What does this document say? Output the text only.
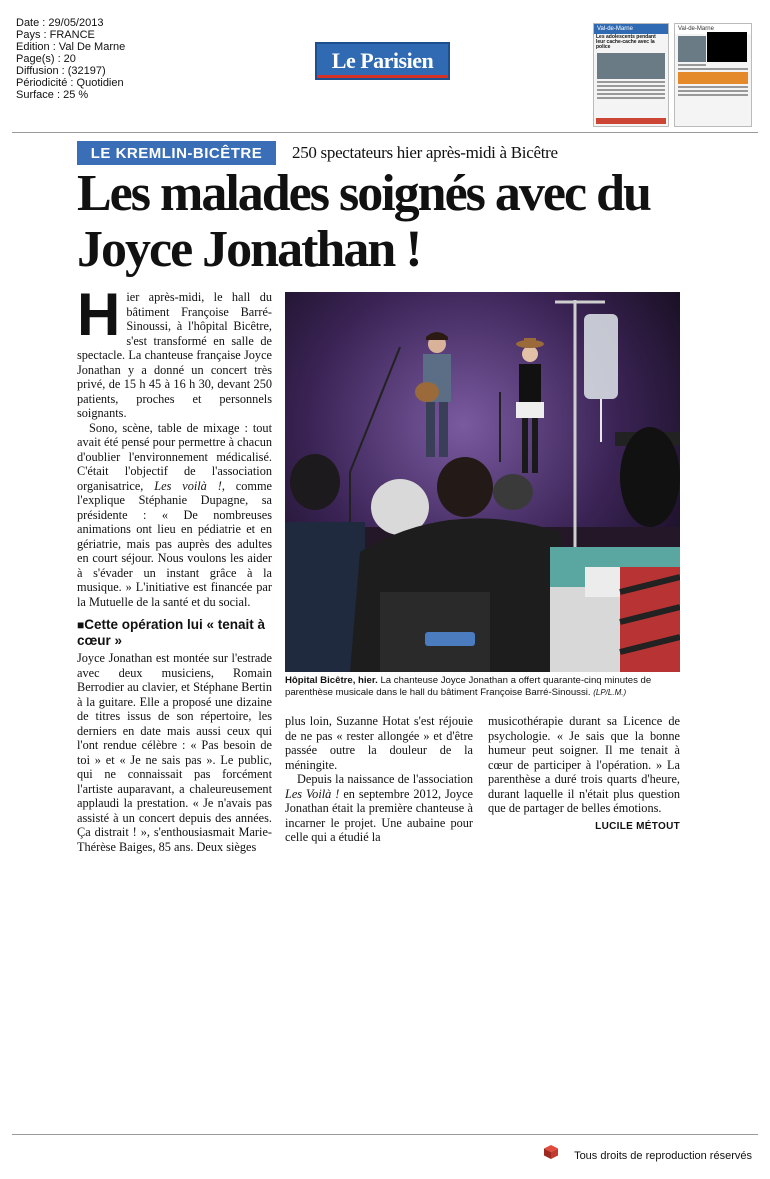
Date : 29/05/2013
Pays : FRANCE
Edition : Val De Marne
Page(s) : 20
Diffusion : (32197)
Périodicité : Quotidien
Surface : 25 %
Le Parisien
Val-de-Marne
Les adolescents pendant leur cache-cache avec la police
Val-de-Marne
LE KREMLIN-BICÊTRE	250 spectateurs hier après-midi à Bicêtre
Les malades soignés avec du Joyce Jonathan !
H ier après-midi, le hall du bâtiment Françoise Barré-Sinoussi, à l'hôpital Bicêtre, s'est transformé en salle de spectacle. La chanteuse française Joyce Jonathan y a donné un concert très privé, de 15 h 45 à 16 h 30, devant 250 patients, proches et personnels soignants.

Sono, scène, table de mixage : tout avait été pensé pour permettre à chacun d'oublier l'environnement médicalisé. C'était l'objectif de l'association organisatrice, Les voilà !, comme l'explique Stéphanie Dupagne, sa présidente : « De nombreuses animations ont lieu en pédiatrie et en gériatrie, mais pas auprès des adultes en court séjour. Nous voulons les aider à s'évader un instant grâce à la musique. » L'initiative est financée par la Mutuelle de la santé et du social.

■Cette opération lui « tenait à cœur »

Joyce Jonathan est montée sur l'estrade avec deux musiciens, Romain Berrodier au clavier, et Stéphane Bertin à la guitare. Elle a proposé une dizaine de titres issus de son répertoire, les derniers en date mais aussi ceux qui l'ont rendue célèbre : « Pas besoin de toi » et « Je ne sais pas ». Le public, qui ne connaissait pas forcément l'artiste auparavant, a chaleureusement applaudi la prestation. « Je n'avais pas assisté à un concert depuis des années. Ça distrait ! », s'enthousiasmait Marie-Thérèse Baiges, 85 ans. Deux sièges

Hôpital Bicêtre, hier. La chanteuse Joyce Jonathan a offert quarante-cinq minutes de parenthèse musicale dans le hall du bâtiment Françoise Barré-Sinoussi. (LP/L.M.)

plus loin, Suzanne Hotat s'est réjouie de ne pas « rester allongée » et d'être passée outre la douleur de la méningite.

Depuis la naissance de l'association Les Voilà ! en septembre 2012, Joyce Jonathan était la première chanteuse à incarner le projet. Une aubaine pour celle qui a étudié la

musicothérapie durant sa Licence de psychologie. « Je sais que la bonne humeur peut soigner. Il me tenait à cœur de participer à l'opération. » La parenthèse a duré trois quarts d'heure, durant laquelle il n'était plus question que de partager de belles émotions.

LUCILE MÉTOUT
Tous droits de reproduction réservés
